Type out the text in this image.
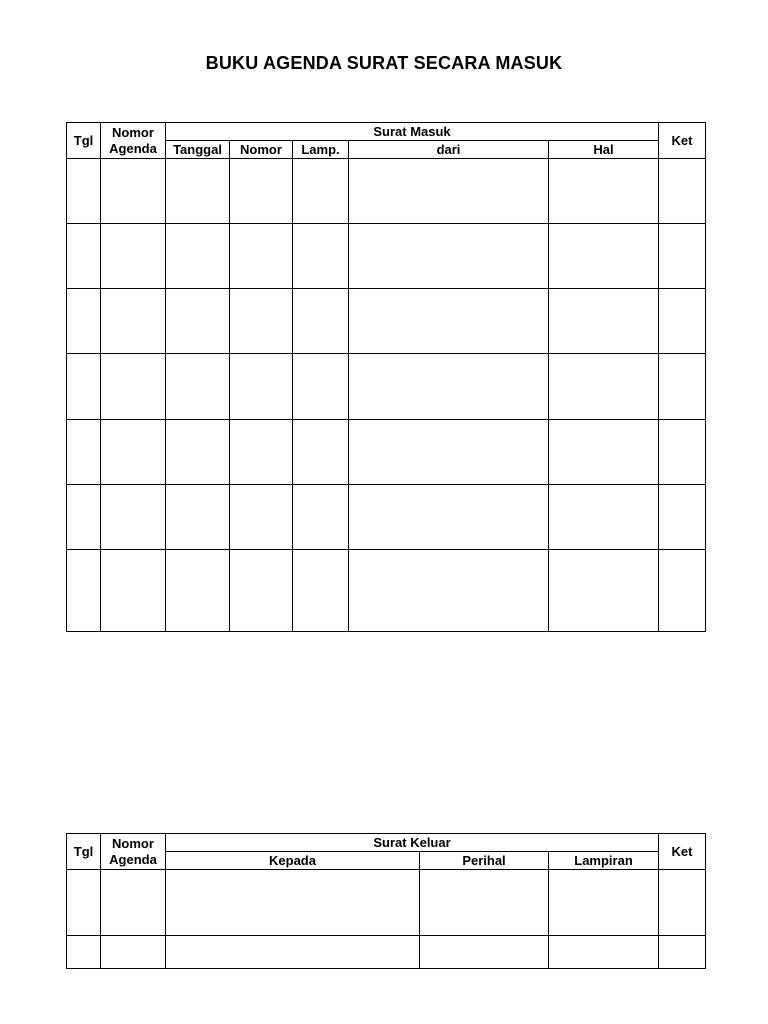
BUKU AGENDA SURAT SECARA MASUK
Tgl	Nomor Agenda	Surat Masuk					Ket
		Tanggal	Nomor	Lamp.	dari	Hal	

Tgl	Nomor Agenda	Surat Keluar			Ket
		Kepada	Perihal	Lampiran	
